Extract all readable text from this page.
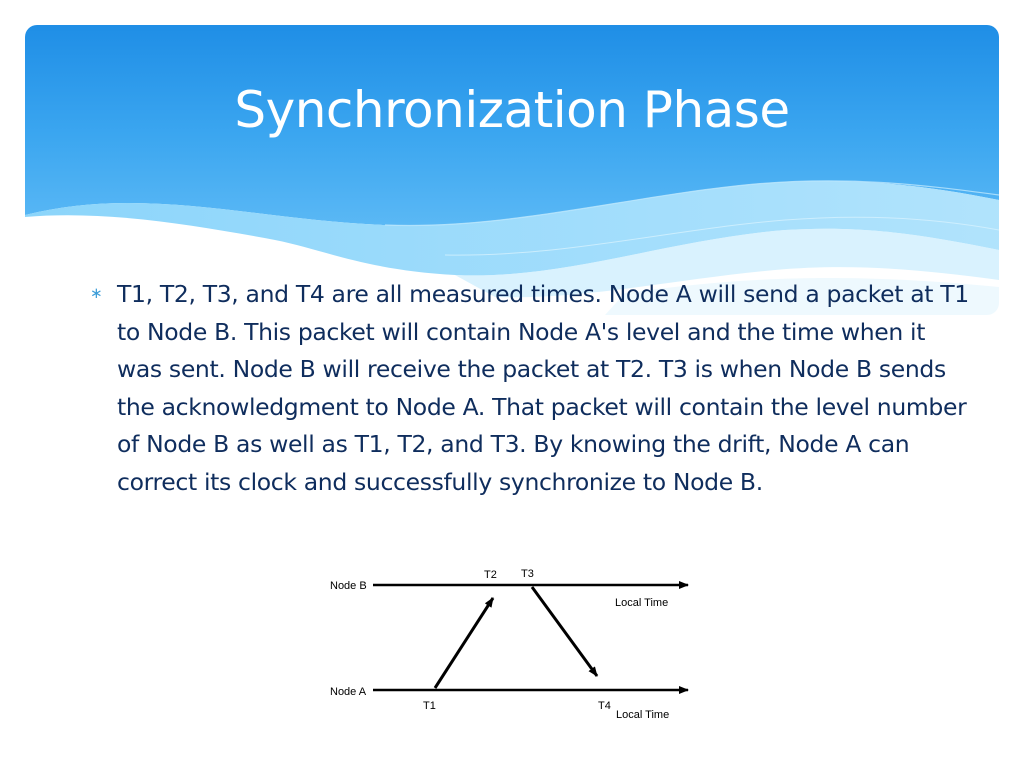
Synchronization Phase
∗ T1, T2, T3, and T4 are all measured times. Node A will send a packet at T1 to Node B. This packet will contain Node A's level and the time when it was sent. Node B will receive the packet at T2. T3 is when Node B sends the acknowledgment to Node A. That packet will contain the level number of Node B as well as T1, T2, and T3. By knowing the drift, Node A can correct its clock and successfully synchronize to Node B.

Node B
Node A
T2 T3
Local Time
T1	T4
Local Time
